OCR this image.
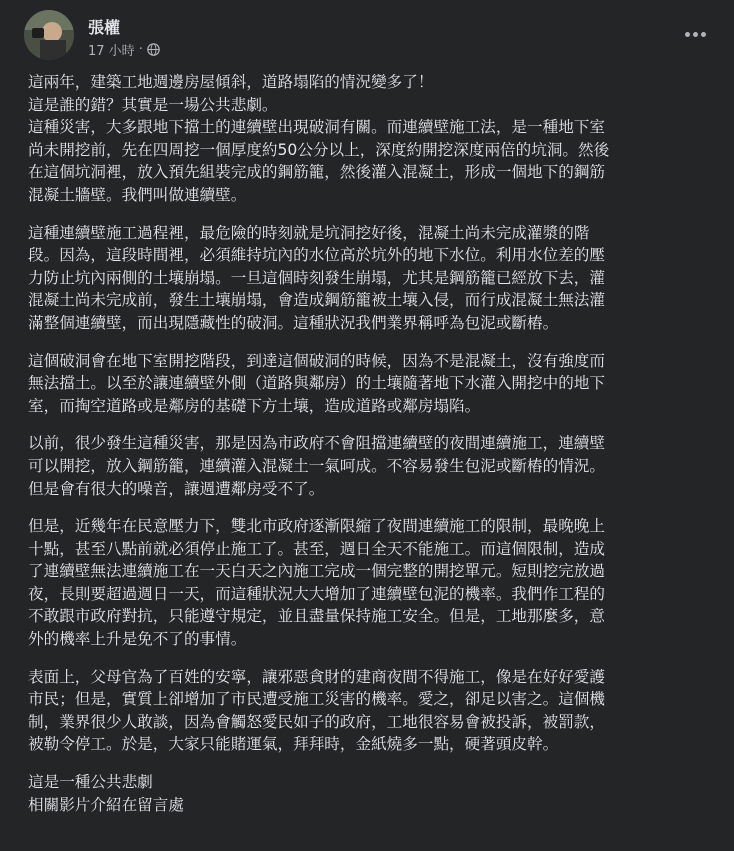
張權
17 小時 ·
這兩年，建築工地週邊房屋傾斜，道路塌陷的情況變多了！
這是誰的錯？其實是一場公共悲劇。
這種災害，大多跟地下擋土的連續壁出現破洞有關。而連續壁施工法，是一種地下室
尚未開挖前，先在四周挖一個厚度約50公分以上，深度約開挖深度兩倍的坑洞。然後
在這個坑洞裡，放入預先組裝完成的鋼筋籠，然後灌入混凝土，形成一個地下的鋼筋
混凝土牆壁。我們叫做連續壁。
這種連續壁施工過程裡，最危險的時刻就是坑洞挖好後，混凝土尚未完成灌漿的階
段。因為，這段時間裡，必須維持坑內的水位高於坑外的地下水位。利用水位差的壓
力防止坑內兩側的土壤崩塌。一旦這個時刻發生崩塌，尤其是鋼筋籠已經放下去，灌
混凝土尚未完成前，發生土壤崩塌，會造成鋼筋籠被土壤入侵，而行成混凝土無法灌
滿整個連續壁，而出現隱藏性的破洞。這種狀況我們業界稱呼為包泥或斷樁。
這個破洞會在地下室開挖階段，到達這個破洞的時候，因為不是混凝土，沒有強度而
無法擋土。以至於讓連續壁外側（道路與鄰房）的土壤隨著地下水灌入開挖中的地下
室，而掏空道路或是鄰房的基礎下方土壤，造成道路或鄰房塌陷。
以前，很少發生這種災害，那是因為市政府不會阻擋連續壁的夜間連續施工，連續壁
可以開挖，放入鋼筋籠，連續灌入混凝土一氣呵成。不容易發生包泥或斷樁的情況。
但是會有很大的噪音，讓週遭鄰房受不了。
但是，近幾年在民意壓力下，雙北市政府逐漸限縮了夜間連續施工的限制，最晚晚上
十點，甚至八點前就必須停止施工了。甚至，週日全天不能施工。而這個限制，造成
了連續壁無法連續施工在一天白天之內施工完成一個完整的開挖單元。短則挖完放過
夜，長則要超過週日一天，而這種狀況大大增加了連續壁包泥的機率。我們作工程的
不敢跟市政府對抗，只能遵守規定，並且盡量保持施工安全。但是，工地那麼多，意
外的機率上升是免不了的事情。
表面上，父母官為了百姓的安寧，讓邪惡貪財的建商夜間不得施工，像是在好好愛護
市民；但是，實質上卻增加了市民遭受施工災害的機率。愛之，卻足以害之。這個機
制，業界很少人敢談，因為會觸怒愛民如子的政府，工地很容易會被投訴，被罰款，
被勒令停工。於是，大家只能賭運氣，拜拜時，金紙燒多一點，硬著頭皮幹。
這是一種公共悲劇
相關影片介紹在留言處
